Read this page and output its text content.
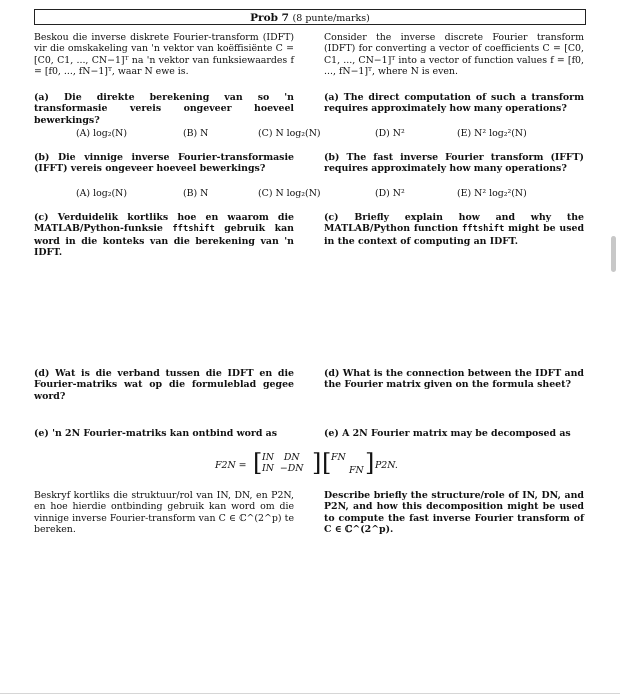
Prob 7 (8 punte/marks)

Beskou die inverse diskrete Fourier-transform (IDFT) vir die omskakeling van 'n vektor van koëffisiënte C = [C0, C1, ..., CN−1]ᵀ na 'n vektor van funksiewaardes f = [f0, ..., fN−1]ᵀ, waar N ewe is.

Consider the inverse discrete Fourier transform (IDFT) for converting a vector of coefficients C = [C0, C1, ..., CN−1]ᵀ into a vector of function values f = [f0, ..., fN−1]ᵀ, where N is even.

(a) Die direkte berekening van so 'n transformasie vereis ongeveer hoeveel bewerkings?

(a) The direct computation of such a transform requires approximately how many operations?

(A) log₂(N)	(B) N	(C) N log₂(N)	(D) N²	(E) N² log₂²(N)

(b) Die vinnige inverse Fourier-transformasie (IFFT) vereis ongeveer hoeveel bewerkings?

(b) The fast inverse Fourier transform (IFFT) requires approximately how many operations?

(A) log₂(N)	(B) N	(C) N log₂(N)	(D) N²	(E) N² log₂²(N)

(c) Verduidelik kortliks hoe en waarom die MATLAB/Python-funksie fftshift gebruik kan word in die konteks van die berekening van 'n IDFT.

(c) Briefly explain how and why the MATLAB/Python function fftshift might be used in the context of computing an IDFT.

(d) Wat is die verband tussen die IDFT en die Fourier-matriks wat op die formuleblad gegee word?

(d) What is the connection between the IDFT and the Fourier matrix given on the formula sheet?

(e) 'n 2N Fourier-matriks kan ontbind word as	(e) A 2N Fourier matrix may be decomposed as

F2N = [ IN	DN
IN	−DN ] [ FN
FN ] P2N.

Beskryf kortliks die struktuur/rol van IN, DN, en P2N, en hoe hierdie ontbinding gebruik kan word om die vinnige inverse Fourier-transform van C ∈ ℂ^(2^p) te bereken.

Describe briefly the structure/role of IN, DN, and P2N, and how this decomposition might be used to compute the fast inverse Fourier transform of C ∈ ℂ^(2^p).
